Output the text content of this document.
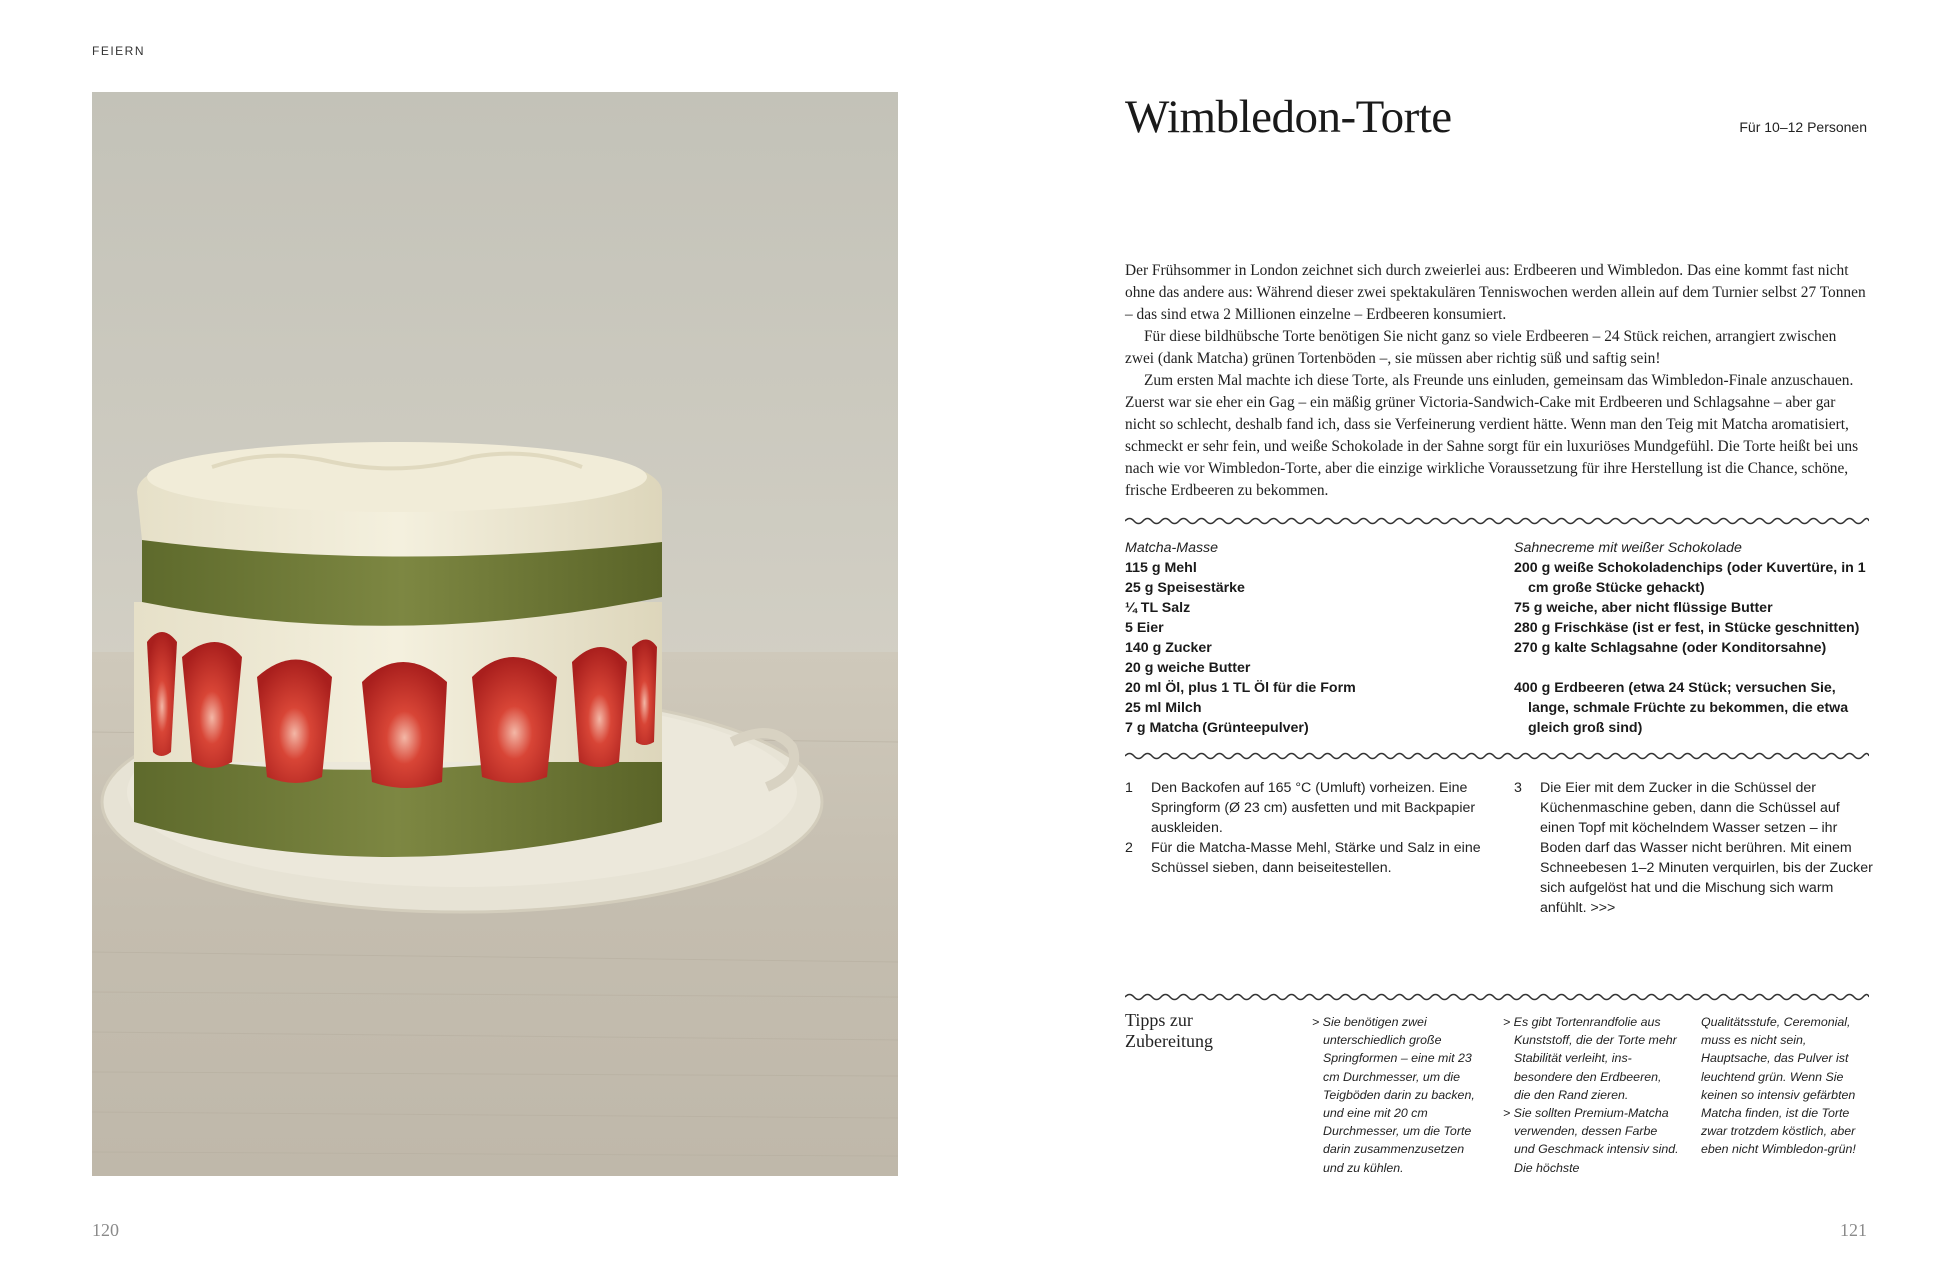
FEIERN
120	121
Wimbledon-Torte	Für 10–12 Personen

Der Frühsommer in London zeichnet sich durch zweierlei aus: Erdbeeren und Wimbledon. Das eine kommt fast nicht ohne das andere aus: Während dieser zwei spektakulären Tenniswochen werden allein auf dem Turnier selbst 27 Tonnen – das sind etwa 2 Millionen einzelne – Erdbeeren konsumiert.

Für diese bildhübsche Torte benötigen Sie nicht ganz so viele Erdbeeren – 24 Stück reichen, arrangiert zwischen zwei (dank Matcha) grünen Tortenböden –, sie müssen aber richtig süß und saftig sein!

Zum ersten Mal machte ich diese Torte, als Freunde uns einluden, gemeinsam das Wimbledon-Finale anzuschauen. Zuerst war sie eher ein Gag – ein mäßig grüner Victoria-Sandwich-Cake mit Erdbeeren und Schlagsahne – aber gar nicht so schlecht, deshalb fand ich, dass sie Verfeinerung verdient hätte. Wenn man den Teig mit Matcha aromatisiert, schmeckt er sehr fein, und weiße Schokolade in der Sahne sorgt für ein luxuriöses Mundgefühl. Die Torte heißt bei uns nach wie vor Wimbledon-Torte, aber die einzige wirkliche Voraussetzung für ihre Herstellung ist die Chance, schöne, frische Erdbeeren zu bekommen.

Matcha-Masse
115 g Mehl
25 g Speisestärke
¼ TL Salz
5 Eier
140 g Zucker
20 g weiche Butter
20 ml Öl, plus 1 TL Öl für die Form
25 ml Milch
7 g Matcha (Grünteepulver)
Sahnecreme mit weißer Schokolade
200 g weiße Schokoladenchips (oder Kuvertüre, in 1 cm große Stücke gehackt)
75 g weiche, aber nicht flüssige Butter
280 g Frischkäse (ist er fest, in Stücke geschnitten)
270 g kalte Schlagsahne (oder Konditorsahne)
400 g Erdbeeren (etwa 24 Stück; versuchen Sie, lange, schmale Früchte zu bekommen, die etwa gleich groß sind)
1	Den Backofen auf 165 °C (Umluft) vorheizen. Eine Springform (Ø 23 cm) ausfetten und mit Backpapier auskleiden.
2	Für die Matcha-Masse Mehl, Stärke und Salz in eine Schüssel sieben, dann beiseitestellen.
3	Die Eier mit dem Zucker in die Schüssel der Küchenmaschine geben, dann die Schüssel auf einen Topf mit köchelndem Wasser setzen – ihr Boden darf das Wasser nicht berühren. Mit einem Schneebesen 1–2 Minuten verquirlen, bis der Zucker sich aufgelöst hat und die Mischung sich warm anfühlt. >>>
Tipps zur
Zubereitung

> Sie benötigen zwei unterschiedlich große Springformen – eine mit 23 cm Durchmesser, um die Teigböden darin zu backen, und eine mit 20 cm Durchmesser, um die Torte darin zusammenzusetzen und zu kühlen.

> Es gibt Tortenrandfolie aus Kunststoff, die der Torte mehr Stabilität verleiht, insbesondere den Erdbeeren, die den Rand zieren.

> Sie sollten Premium-Matcha verwenden, dessen Farbe und Geschmack intensiv sind. Die höchste

Qualitätsstufe, Ceremonial, muss es nicht sein, Hauptsache, das Pulver ist leuchtend grün. Wenn Sie keinen so intensiv gefärbten Matcha finden, ist die Torte zwar trotzdem köstlich, aber eben nicht Wimbledon-grün!
